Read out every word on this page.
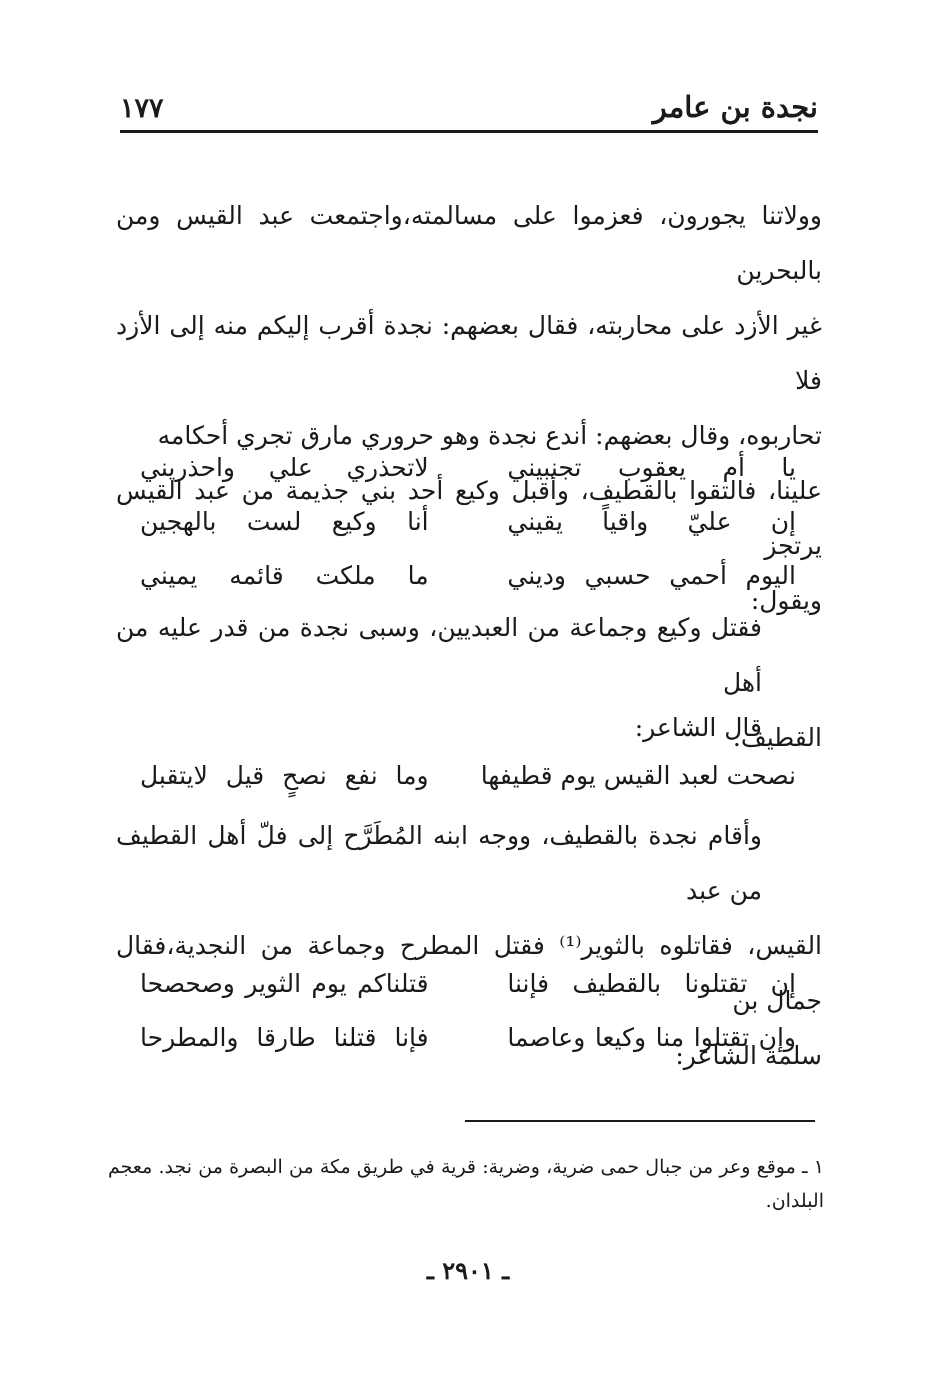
١٧٧	نجدة بن عامر

وولاتنا يجورون، فعزموا على مسالمته،واجتمعت عبد القيس ومن بالبحرين

غير الأزد على محاربته، فقال بعضهم: نجدة أقرب إليكم منه إلى الأزد فلا

تحاربوه، وقال بعضهم: أندع نجدة وهو حروري مارق تجري أحكامه

علينا، فالتقوا بالقطيف، وأقبل وكيع أحد بني جذيمة من عبد القيس يرتجز

ويقول:

يا أم يعقوب تجنبيني
لاتحذري علي واحذريني
إن عليّ واقياً يقيني
أنا وكيع لست بالهجين
اليوم أحمي حسبي وديني
ما ملكت قائمه يميني

فقتل وكيع وجماعة من العبديين، وسبى نجدة من قدر عليه من أهل

القطيف.

قال الشاعر:

نصحت لعبد القيس يوم قطيفها
وما نفع نصحٍ قيل لايتقبل

وأقام نجدة بالقطيف، ووجه ابنه المُطَرَّح إلى فلّ أهل القطيف من عبد

القيس، فقاتلوه بالثوير⁽¹⁾ فقتل المطرح وجماعة من النجدية،فقال جمال بن

سلمة الشاعر:

إن تقتلونا بالقطيف فإننا
قتلناكم يوم الثوير وصحصحا
وإن تقتلوا منا وكيعا وعاصما
فإنا قتلنا طارقا والمطرحا
١ ـ موقع وعر من جبال حمى ضرية، وضرية: قرية في طريق مكة من البصرة من نجد. معجم البلدان.
ـ ٢٩٠١ ـ
